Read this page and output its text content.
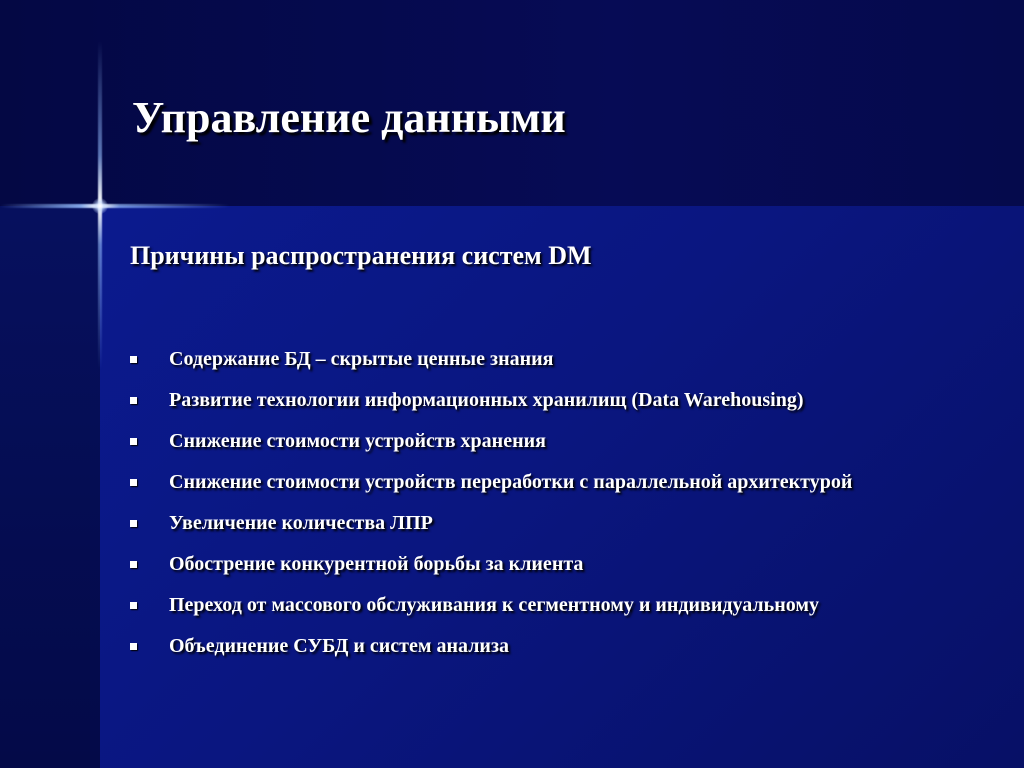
Управление данными
Причины распространения систем DM
Содержание БД – скрытые ценные знания
Развитие технологии информационных хранилищ (Data Warehousing)
Снижение стоимости устройств хранения
Снижение стоимости устройств переработки с параллельной архитектурой
Увеличение количества ЛПР
Обострение конкурентной борьбы за клиента
Переход от массового обслуживания к сегментному и индивидуальному
Объединение СУБД и систем анализа
